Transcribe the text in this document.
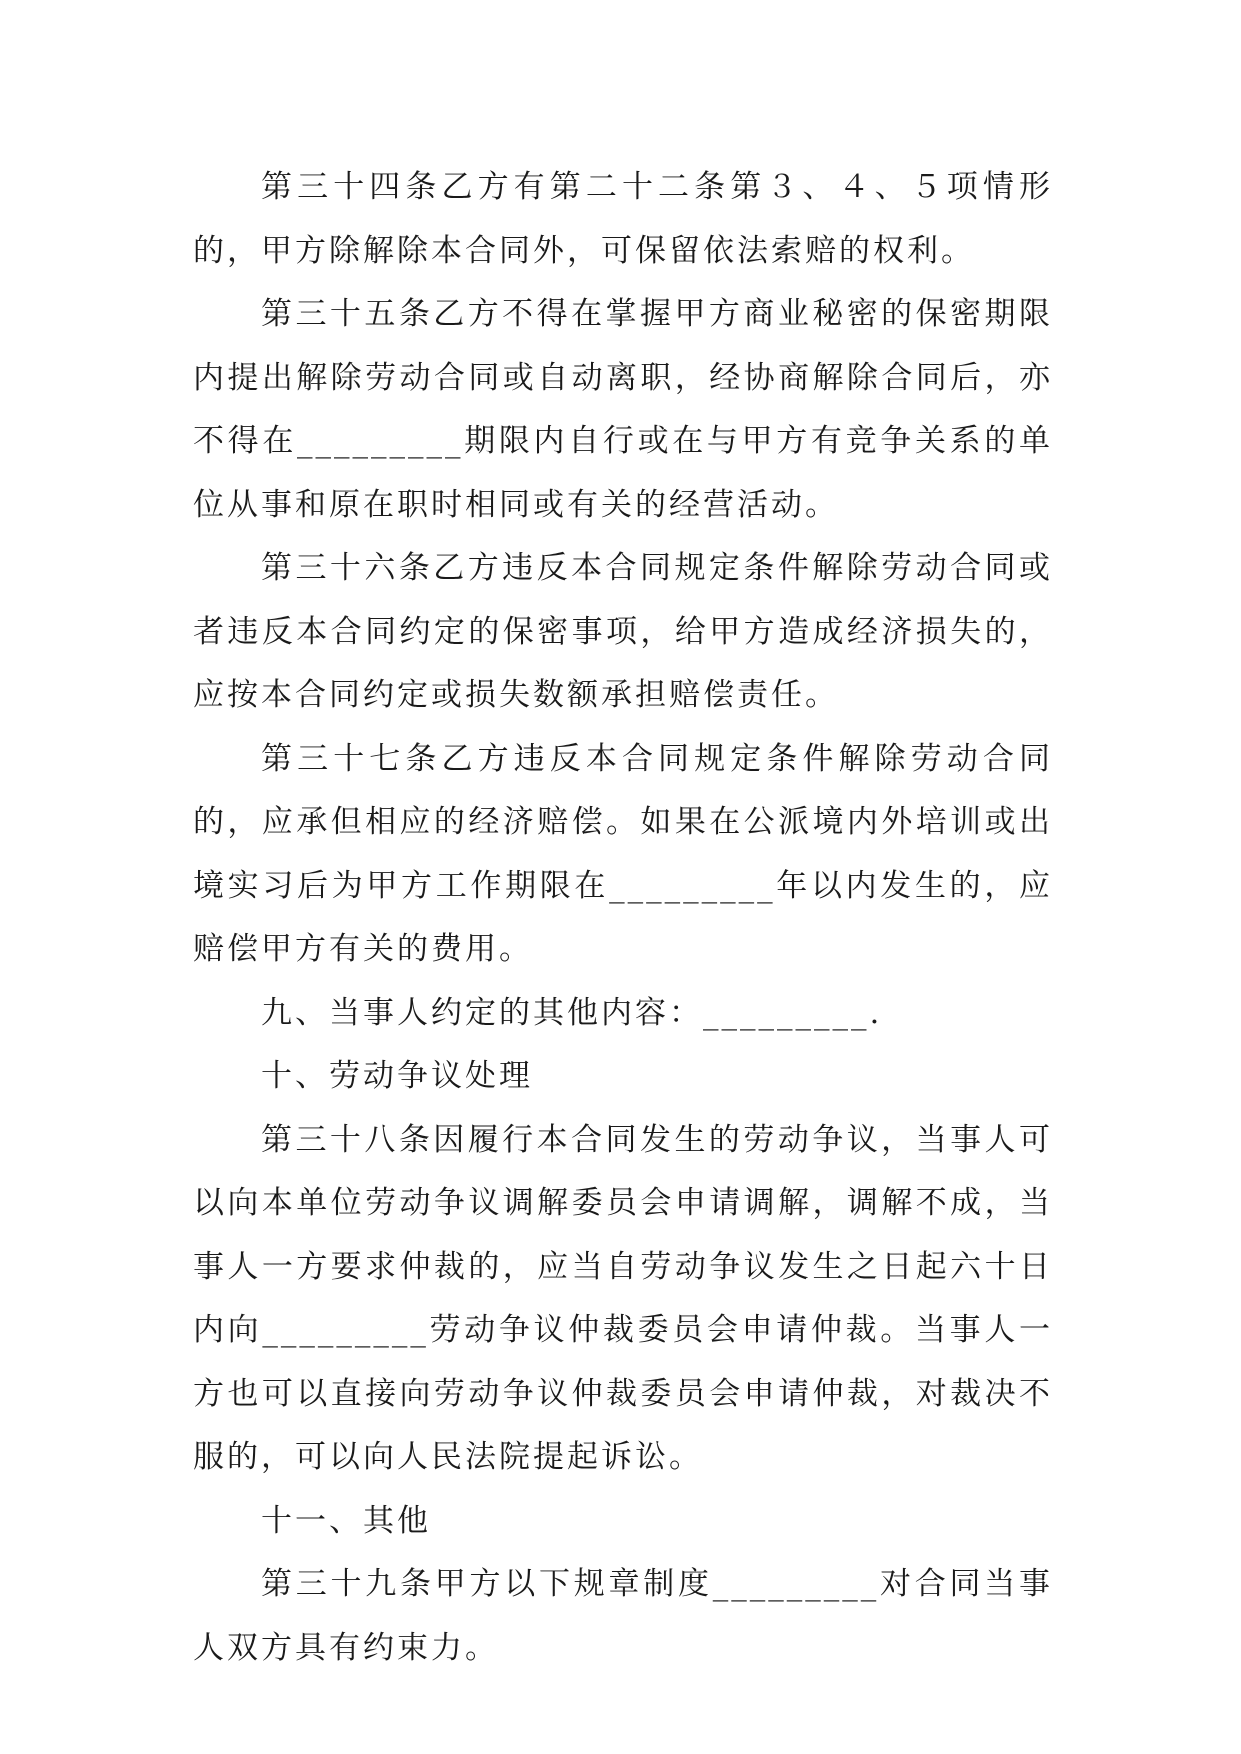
第三十四条乙方有第二十二条第３、４、５项情形的，甲方除解除本合同外，可保留依法索赔的权利。

第三十五条乙方不得在掌握甲方商业秘密的保密期限内提出解除劳动合同或自动离职，经协商解除合同后，亦不得在_________期限内自行或在与甲方有竞争关系的单位从事和原在职时相同或有关的经营活动。

第三十六条乙方违反本合同规定条件解除劳动合同或者违反本合同约定的保密事项，给甲方造成经济损失的，应按本合同约定或损失数额承担赔偿责任。

第三十七条乙方违反本合同规定条件解除劳动合同的，应承但相应的经济赔偿。如果在公派境内外培训或出境实习后为甲方工作期限在_________年以内发生的，应赔偿甲方有关的费用。

九、当事人约定的其他内容：_________.

十、劳动争议处理

第三十八条因履行本合同发生的劳动争议，当事人可以向本单位劳动争议调解委员会申请调解，调解不成，当事人一方要求仲裁的，应当自劳动争议发生之日起六十日内向_________劳动争议仲裁委员会申请仲裁。当事人一方也可以直接向劳动争议仲裁委员会申请仲裁，对裁决不服的，可以向人民法院提起诉讼。

十一、其他

第三十九条甲方以下规章制度_________对合同当事人双方具有约束力。
